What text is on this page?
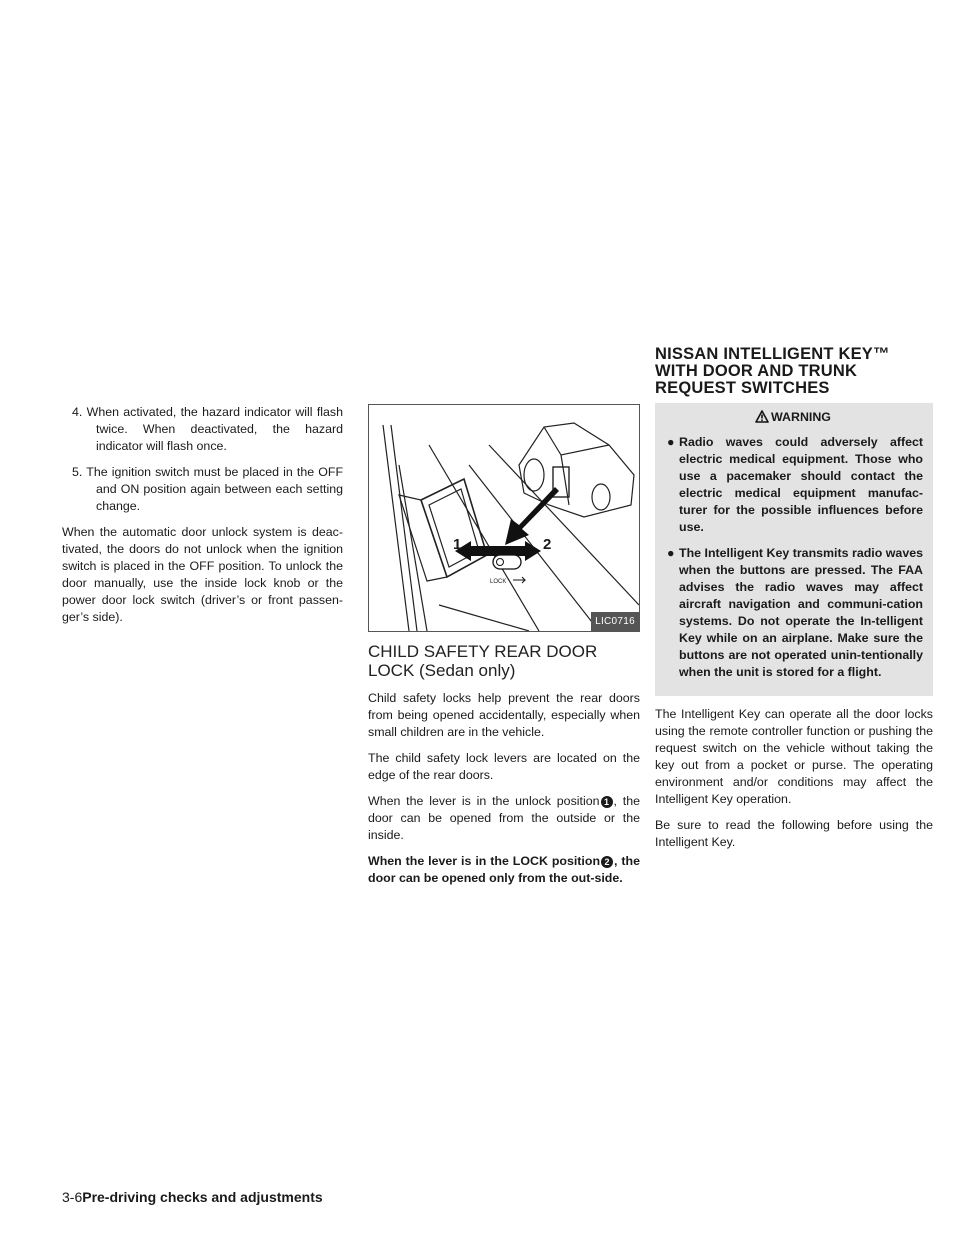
4. When activated, the hazard indicator will flash twice. When deactivated, the hazard indicator will flash once.

5. The ignition switch must be placed in the OFF and ON position again between each setting change.

When the automatic door unlock system is deac-tivated, the doors do not unlock when the ignition switch is placed in the OFF position. To unlock the door manually, use the inside lock knob or the power door lock switch (driver’s or front passen-ger’s side).

1	2
LOCK
LIC0716
CHILD SAFETY REAR DOOR LOCK (Sedan only)

Child safety locks help prevent the rear doors from being opened accidentally, especially when small children are in the vehicle.

The child safety lock levers are located on the edge of the rear doors.

When the lever is in the unlock position 1 , the door can be opened from the outside or the inside.

When the lever is in the LOCK position 2 , the door can be opened only from the out-side.

NISSAN INTELLIGENT KEY™ WITH DOOR AND TRUNK REQUEST SWITCHES
WARNING

● Radio waves could adversely affect electric medical equipment. Those who use a pacemaker should contact the electric medical equipment manufac-turer for the possible influences before use.

● The Intelligent Key transmits radio waves when the buttons are pressed. The FAA advises the radio waves may affect aircraft navigation and communi-cation systems. Do not operate the In-telligent Key while on an airplane. Make sure the buttons are not operated unin-tentionally when the unit is stored for a flight.

The Intelligent Key can operate all the door locks using the remote controller function or pushing the request switch on the vehicle without taking the key out from a pocket or purse. The operating environment and/or conditions may affect the Intelligent Key operation.

Be sure to read the following before using the Intelligent Key.

3-6Pre-driving checks and adjustments
